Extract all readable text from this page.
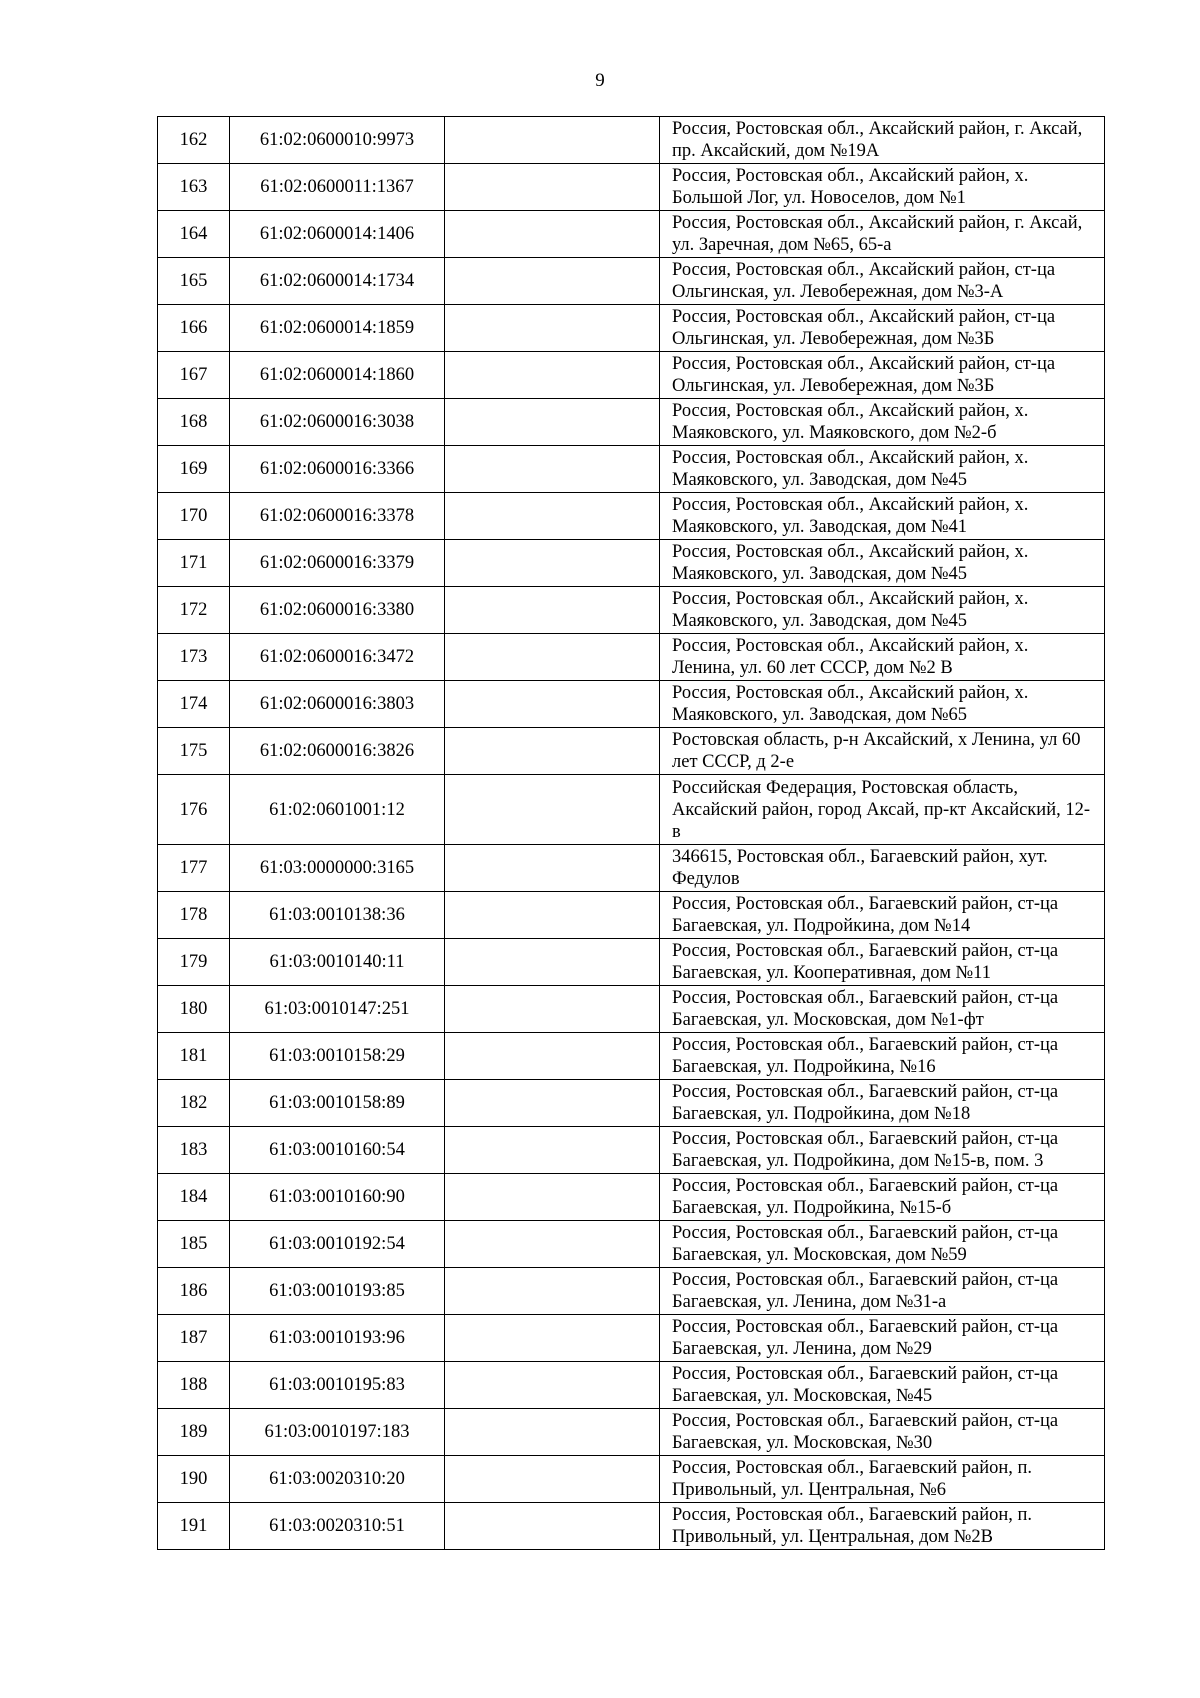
9
162	61:02:0600010:9973		Россия, Ростовская обл., Аксайский район, г. Аксай, пр. Аксайский, дом №19А
163	61:02:0600011:1367		Россия, Ростовская обл., Аксайский район, х. Большой Лог, ул. Новоселов, дом №1
164	61:02:0600014:1406		Россия, Ростовская обл., Аксайский район, г. Аксай, ул. Заречная, дом №65, 65-а
165	61:02:0600014:1734		Россия, Ростовская обл., Аксайский район, ст-ца Ольгинская, ул. Левобережная, дом №3-А
166	61:02:0600014:1859		Россия, Ростовская обл., Аксайский район, ст-ца Ольгинская, ул. Левобережная, дом №3Б
167	61:02:0600014:1860		Россия, Ростовская обл., Аксайский район, ст-ца Ольгинская, ул. Левобережная, дом №3Б
168	61:02:0600016:3038		Россия, Ростовская обл., Аксайский район, х. Маяковского, ул. Маяковского, дом №2-б
169	61:02:0600016:3366		Россия, Ростовская обл., Аксайский район, х. Маяковского, ул. Заводская, дом №45
170	61:02:0600016:3378		Россия, Ростовская обл., Аксайский район, х. Маяковского, ул. Заводская, дом №41
171	61:02:0600016:3379		Россия, Ростовская обл., Аксайский район, х. Маяковского, ул. Заводская, дом №45
172	61:02:0600016:3380		Россия, Ростовская обл., Аксайский район, х. Маяковского, ул. Заводская, дом №45
173	61:02:0600016:3472		Россия, Ростовская обл., Аксайский район, х. Ленина, ул. 60 лет СССР, дом №2 В
174	61:02:0600016:3803		Россия, Ростовская обл., Аксайский район, х. Маяковского, ул. Заводская, дом №65
175	61:02:0600016:3826		Ростовская область, р-н Аксайский, х Ленина, ул 60 лет СССР, д 2-е
176	61:02:0601001:12		Российская Федерация, Ростовская область, Аксайский район, город Аксай, пр-кт Аксайский, 12-в
177	61:03:0000000:3165		346615, Ростовская обл., Багаевский район, хут. Федулов
178	61:03:0010138:36		Россия, Ростовская обл., Багаевский район, ст-ца Багаевская, ул. Подройкина, дом №14
179	61:03:0010140:11		Россия, Ростовская обл., Багаевский район, ст-ца Багаевская, ул. Кооперативная, дом №11
180	61:03:0010147:251		Россия, Ростовская обл., Багаевский район, ст-ца Багаевская, ул. Московская, дом №1-фт
181	61:03:0010158:29		Россия, Ростовская обл., Багаевский район, ст-ца Багаевская, ул. Подройкина, №16
182	61:03:0010158:89		Россия, Ростовская обл., Багаевский район, ст-ца Багаевская, ул. Подройкина, дом №18
183	61:03:0010160:54		Россия, Ростовская обл., Багаевский район, ст-ца Багаевская, ул. Подройкина, дом №15-в, пом. 3
184	61:03:0010160:90		Россия, Ростовская обл., Багаевский район, ст-ца Багаевская, ул. Подройкина, №15-б
185	61:03:0010192:54		Россия, Ростовская обл., Багаевский район, ст-ца Багаевская, ул. Московская, дом №59
186	61:03:0010193:85		Россия, Ростовская обл., Багаевский район, ст-ца Багаевская, ул. Ленина, дом №31-а
187	61:03:0010193:96		Россия, Ростовская обл., Багаевский район, ст-ца Багаевская, ул. Ленина, дом №29
188	61:03:0010195:83		Россия, Ростовская обл., Багаевский район, ст-ца Багаевская, ул. Московская, №45
189	61:03:0010197:183		Россия, Ростовская обл., Багаевский район, ст-ца Багаевская, ул. Московская, №30
190	61:03:0020310:20		Россия, Ростовская обл., Багаевский район, п. Привольный, ул. Центральная, №6
191	61:03:0020310:51		Россия, Ростовская обл., Багаевский район, п. Привольный, ул. Центральная, дом №2В
